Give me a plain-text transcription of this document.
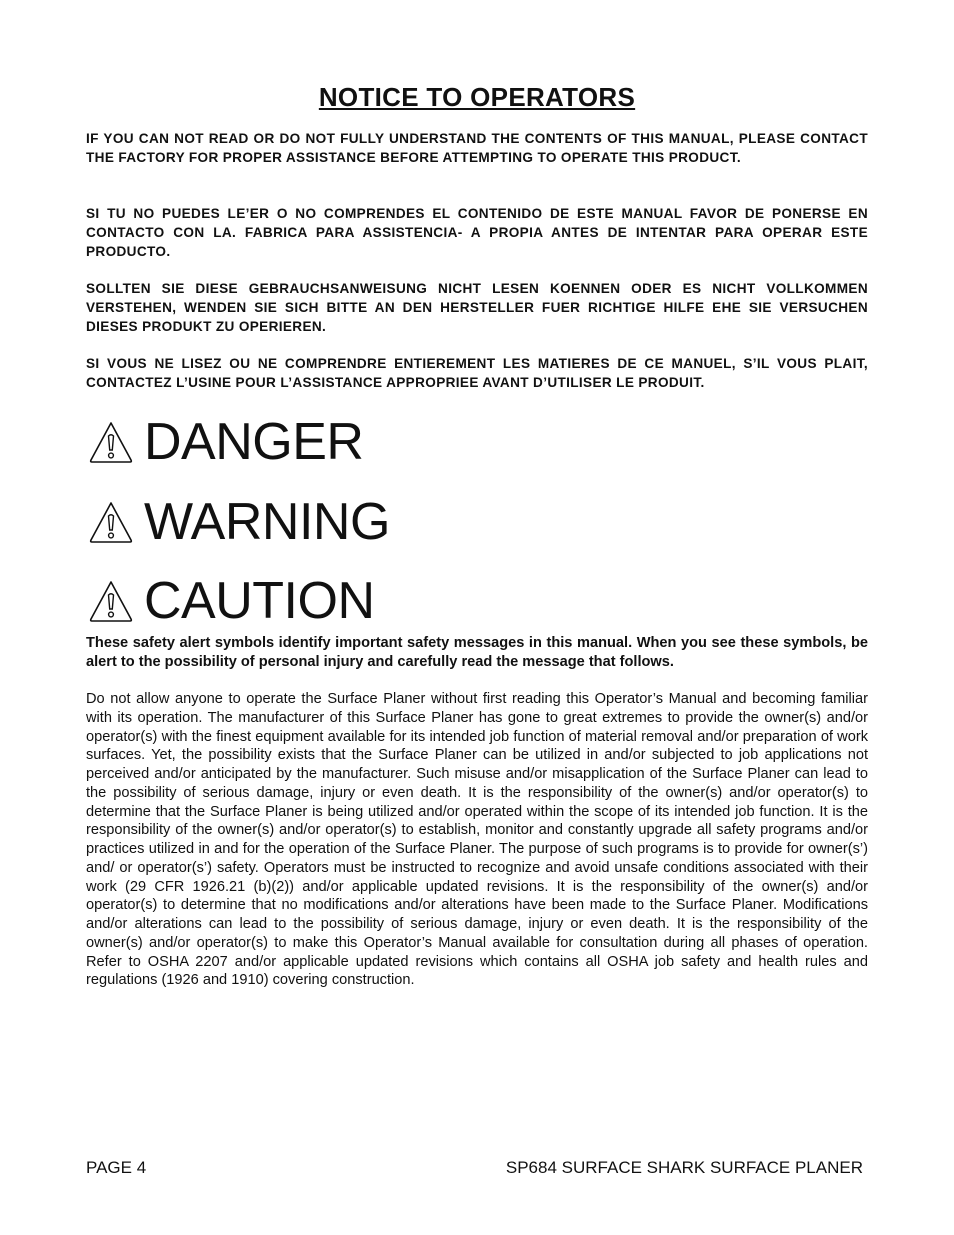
NOTICE TO OPERATORS
IF YOU CAN NOT READ OR DO NOT FULLY UNDERSTAND THE CONTENTS OF THIS MANUAL, PLEASE CONTACT THE FACTORY FOR PROPER ASSISTANCE BEFORE ATTEMPTING TO OPERATE THIS PRODUCT.
SI TU NO PUEDES LE’ER O NO COMPRENDES EL CONTENIDO DE ESTE MANUAL FAVOR DE PONERSE EN CONTACTO CON LA. FABRICA PARA ASSISTENCIA- A PROPIA ANTES DE INTENTAR PARA OPERAR ESTE PRODUCTO.
SOLLTEN SIE DIESE GEBRAUCHSANWEISUNG NICHT LESEN KOENNEN ODER ES NICHT VOLLKOMMEN VERSTEHEN, WENDEN SIE SICH BITTE AN DEN HERSTELLER FUER RICHTIGE HILFE EHE SIE VERSUCHEN DIESES PRODUKT ZU OPERIEREN.
SI VOUS NE LISEZ OU NE COMPRENDRE ENTIEREMENT LES MATIERES DE CE MANUEL, S’IL VOUS PLAIT, CONTACTEZ L’USINE POUR L’ASSISTANCE APPROPRIEE AVANT D’UTILISER LE PRODUIT.
DANGER
WARNING
CAUTION
These safety alert symbols identify important safety messages in this manual. When you see these symbols, be alert to the possibility of personal injury and carefully read the message that follows.
Do not allow anyone to operate the Surface Planer without first reading this Operator’s Manual and becoming familiar with its operation. The manufacturer of this Surface Planer has gone to great extremes to provide the owner(s) and/or operator(s) with the finest equipment available for its intended job function of material removal and/or preparation of work surfaces. Yet, the possibility exists that the Surface Planer can be utilized in and/or subjected to job applications not perceived and/or anticipated by the manufacturer. Such misuse and/or misapplication of the Surface Planer can lead to the possibility of serious damage, injury or even death. It is the responsibility of the owner(s) and/or operator(s) to determine that the Surface Planer is being utilized and/or operated within the scope of its intended job function. It is the responsibility of the owner(s) and/or operator(s) to establish, monitor and constantly upgrade all safety programs and/or practices utilized in and for the operation of the Surface Planer. The purpose of such programs is to provide for owner(s’) and/ or operator(s’) safety. Operators must be instructed to recognize and avoid unsafe conditions associated with their work (29 CFR 1926.21 (b)(2)) and/or applicable updated revisions. It is the responsibility of the owner(s) and/or operator(s) to determine that no modifications and/or alterations have been made to the Surface Planer. Modifications and/or alterations can lead to the possibility of serious damage, injury or even death. It is the responsibility of the owner(s) and/or operator(s) to make this Operator’s Manual available for consultation during all phases of operation. Refer to OSHA 2207 and/or applicable updated revisions which contains all OSHA job safety and health rules and regulations (1926 and 1910) covering construction.
PAGE 4	SP684 SURFACE SHARK SURFACE PLANER
